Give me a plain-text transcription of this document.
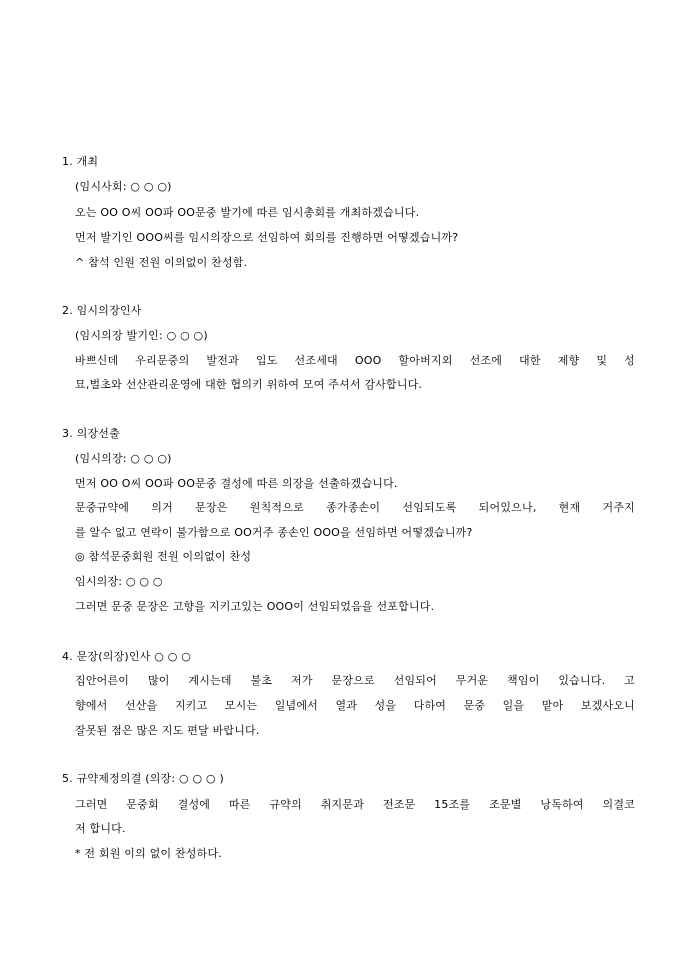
1. 개최
(임시사회: ○ ○ ○)
오는 OO O씨 OO파 OO문중 발기에 따른 임시총회를 개최하겠습니다.
먼저 발기인 OOO씨를 임시의장으로 선임하여 회의를 진행하면 어떻겠습니까?
^ 참석 인원 전원 이의없이 찬성함.
2. 임시의장인사
(임시의장 발기인: ○ ○ ○)
바쁘신데 우리문중의 발전과 입도 선조세대 OOO 할아버지외 선조에 대한 제향 및 성
묘,벌초와 선산관리운영에 대한 협의키 위하여 모여 주셔서 감사합니다.
3. 의장선출
(임시의장: ○ ○ ○)
먼저 OO O씨 OO파 OO문중 결성에 따른 의장을 선출하겠습니다.
문중규약에 의거 문장은 원칙적으로 종가종손이 선임되도록 되어있으나, 현재 거주지
를 알수 없고 연락이 불가함으로 OO거주 종손인 OOO을 선임하면 어떻겠습니까?
◎ 참석문중회원 전원 이의없이 찬성
임시의장: ○ ○ ○
그러면 문중 문장은 고향을 지키고있는 OOO이 선임되었음을 선포합니다.
4. 문장(의장)인사 ○ ○ ○
집안어른이 많이 계시는데 불초 저가 문장으로 선임되어 무거운 책임이 있습니다. 고
향에서 선산을 지키고 모시는 일념에서 열과 성을 다하여 문중 일을 맡아 보겠사오니
잘못된 점은 많은 지도 편달 바랍니다.
5. 규약제정의결 (의장: ○ ○ ○ )
그러면 문중회 결성에 따른 규약의 취지문과 전조문 15조를 조문별 낭독하여 의결코
저 합니다.
* 전 회원 이의 없이 찬성하다.
